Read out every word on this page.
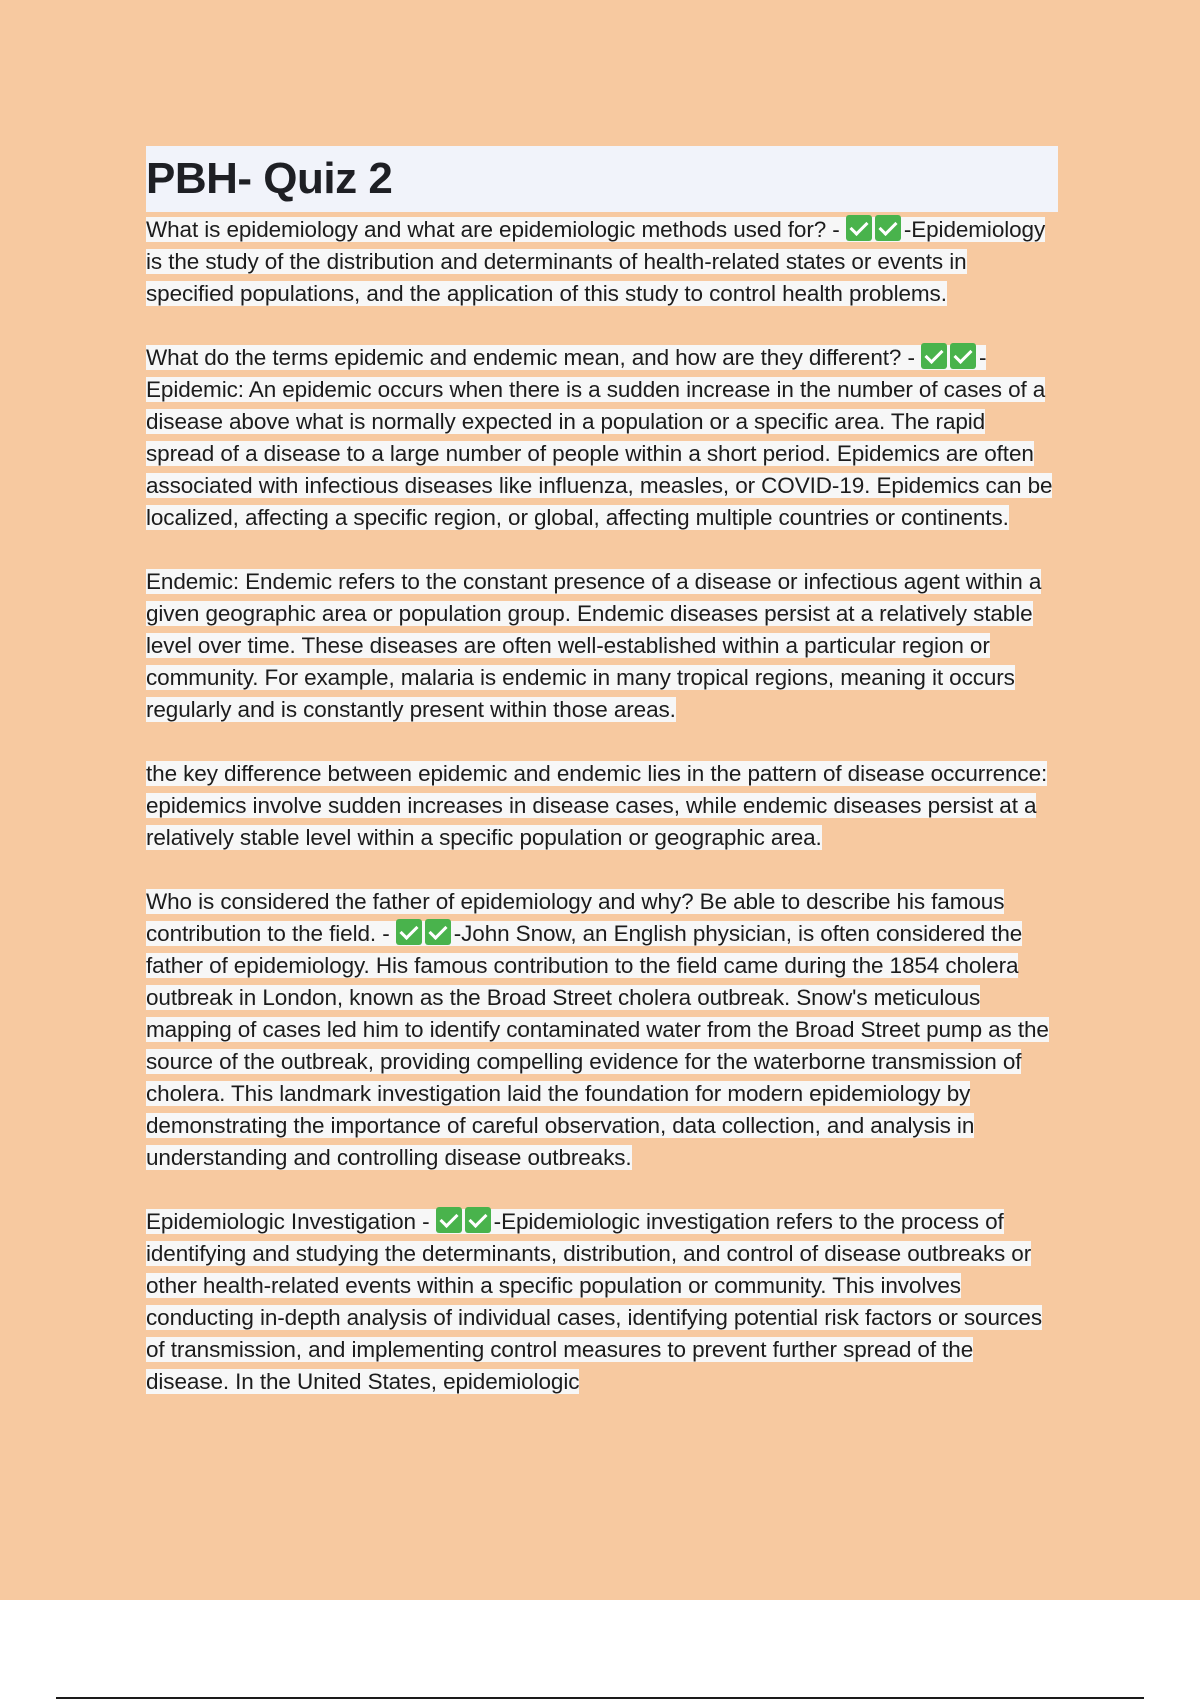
PBH- Quiz 2

What is epidemiology and what are epidemiologic methods used for? -	-Epidemiology is the study of the distribution and determinants of health-related states or events in specified populations, and the application of this study to control health problems.

What do the terms epidemic and endemic mean, and how are they different? -	-Epidemic: An epidemic occurs when there is a sudden increase in the number of cases of a disease above what is normally expected in a population or a specific area. The rapid spread of a disease to a large number of people within a short period. Epidemics are often associated with infectious diseases like influenza, measles, or COVID-19. Epidemics can be localized, affecting a specific region, or global, affecting multiple countries or continents.

Endemic: Endemic refers to the constant presence of a disease or infectious agent within a given geographic area or population group. Endemic diseases persist at a relatively stable level over time. These diseases are often well-established within a particular region or community. For example, malaria is endemic in many tropical regions, meaning it occurs regularly and is constantly present within those areas.

the key difference between epidemic and endemic lies in the pattern of disease occurrence: epidemics involve sudden increases in disease cases, while endemic diseases persist at a relatively stable level within a specific population or geographic area.

Who is considered the father of epidemiology and why? Be able to describe his famous contribution to the field. -	-John Snow, an English physician, is often considered the father of epidemiology. His famous contribution to the field came during the 1854 cholera outbreak in London, known as the Broad Street cholera outbreak. Snow's meticulous mapping of cases led him to identify contaminated water from the Broad Street pump as the source of the outbreak, providing compelling evidence for the waterborne transmission of cholera. This landmark investigation laid the foundation for modern epidemiology by demonstrating the importance of careful observation, data collection, and analysis in understanding and controlling disease outbreaks.

Epidemiologic Investigation -	-Epidemiologic investigation refers to the process of identifying and studying the determinants, distribution, and control of disease outbreaks or other health-related events within a specific population or community. This involves conducting in-depth analysis of individual cases, identifying potential risk factors or sources of transmission, and implementing control measures to prevent further spread of the disease. In the United States, epidemiologic
